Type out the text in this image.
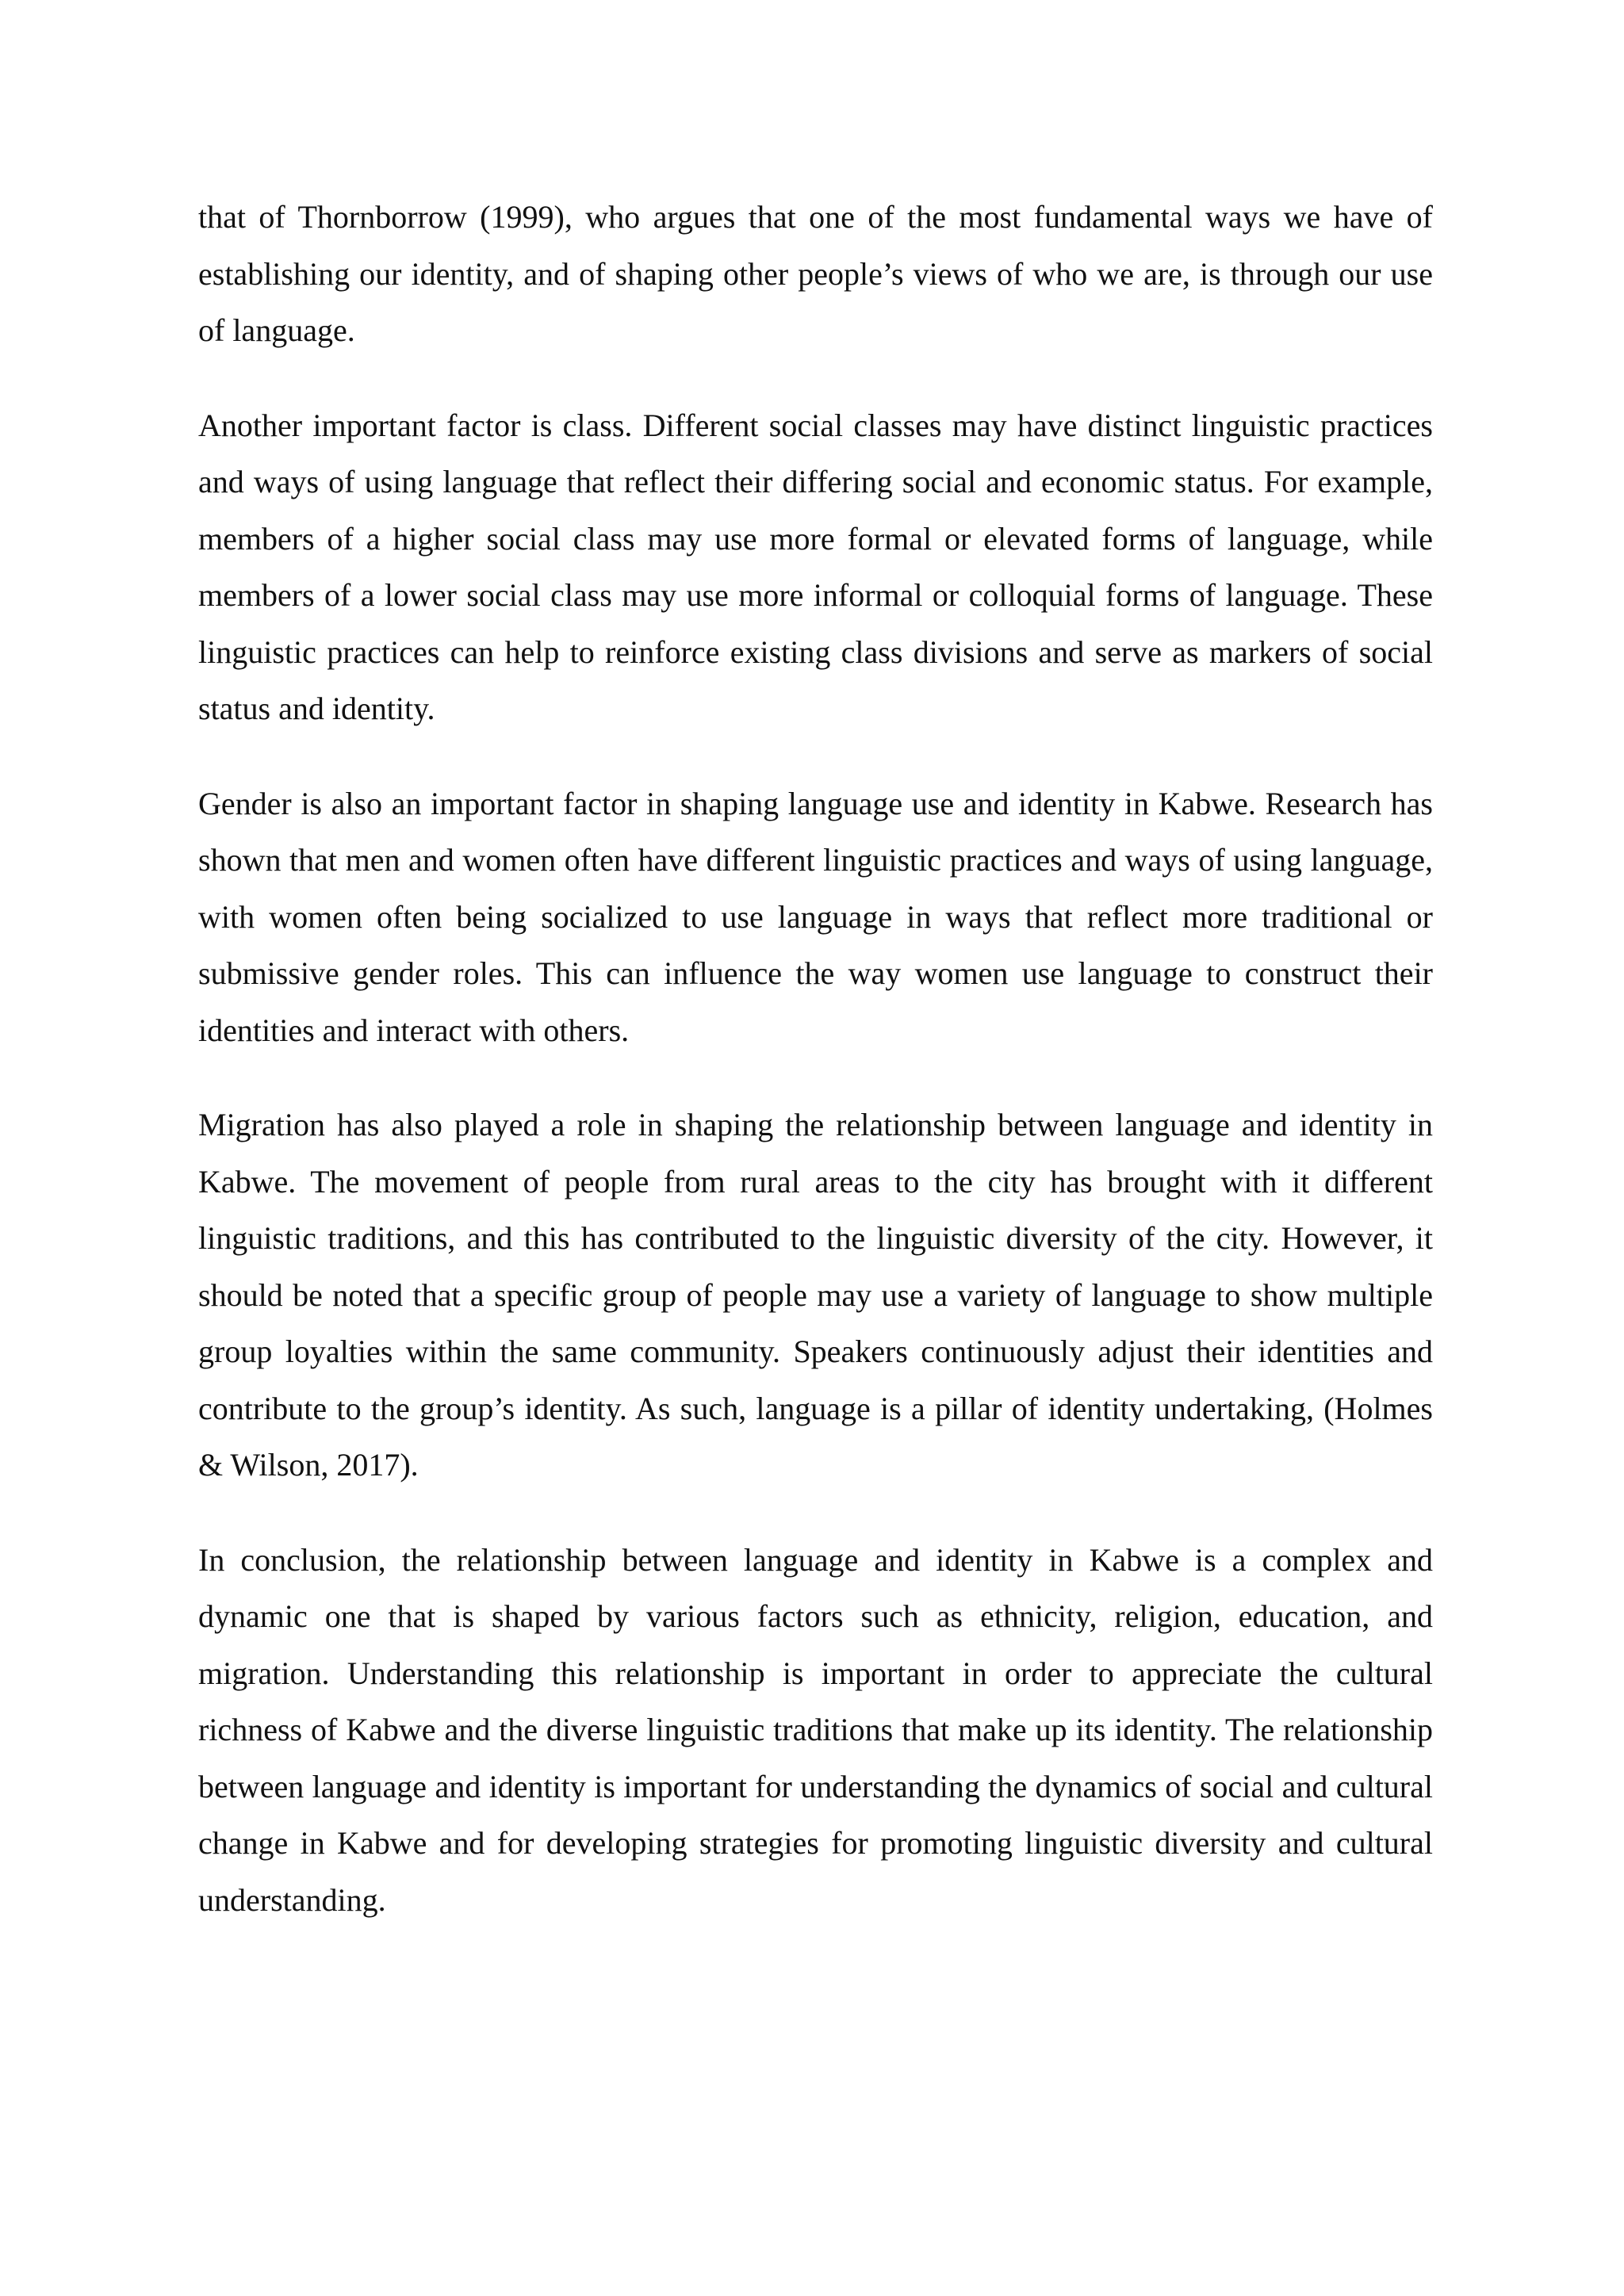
that of Thornborrow (1999), who argues that one of the most fundamental ways we have of establishing our identity, and of shaping other people’s views of who we are, is through our use of language.

Another important factor is class. Different social classes may have distinct linguistic practices and ways of using language that reflect their differing social and economic status. For example, members of a higher social class may use more formal or elevated forms of language, while members of a lower social class may use more informal or colloquial forms of language. These linguistic practices can help to reinforce existing class divisions and serve as markers of social status and identity.

Gender is also an important factor in shaping language use and identity in Kabwe. Research has shown that men and women often have different linguistic practices and ways of using language, with women often being socialized to use language in ways that reflect more traditional or submissive gender roles. This can influence the way women use language to construct their identities and interact with others.

Migration has also played a role in shaping the relationship between language and identity in Kabwe. The movement of people from rural areas to the city has brought with it different linguistic traditions, and this has contributed to the linguistic diversity of the city. However, it should be noted that a specific group of people may use a variety of language to show multiple group loyalties within the same community. Speakers continuously adjust their identities and contribute to the group’s identity. As such, language is a pillar of identity undertaking, (Holmes & Wilson, 2017).

In conclusion, the relationship between language and identity in Kabwe is a complex and dynamic one that is shaped by various factors such as ethnicity, religion, education, and migration. Understanding this relationship is important in order to appreciate the cultural richness of Kabwe and the diverse linguistic traditions that make up its identity. The relationship between language and identity is important for understanding the dynamics of social and cultural change in Kabwe and for developing strategies for promoting linguistic diversity and cultural understanding.
